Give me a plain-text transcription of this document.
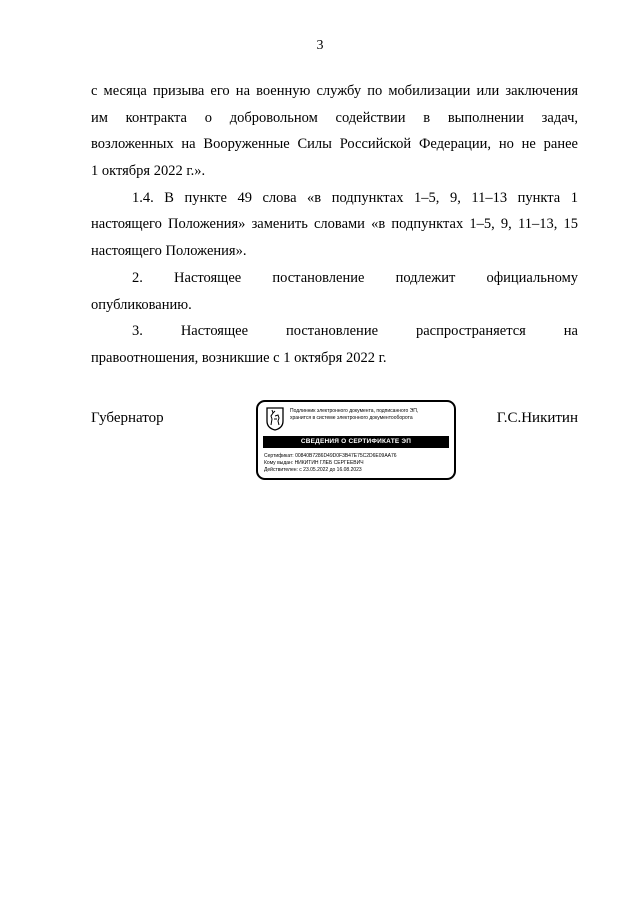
3
с месяца призыва его на военную службу по мобилизации или заключения
им контракта о добровольном содействии в выполнении задач,
возложенных на Вооруженные Силы Российской Федерации, но не ранее
1 октября 2022 г.».
1.4. В пункте 49 слова «в подпунктах 1–5, 9, 11–13 пункта 1
настоящего Положения» заменить словами «в подпунктах 1–5, 9, 11–13, 15
настоящего Положения».
2. Настоящее постановление подлежит официальному
опубликованию.
3. Настоящее постановление распространяется на
правоотношения, возникшие с 1 октября 2022 г.
Губернатор	Г.С.Никитин
Подлинник электронного документа, подписанного ЭП,
хранится в системе электронного документооборота
СВЕДЕНИЯ О СЕРТИФИКАТЕ ЭП
Сертификат: 00840B7286D49D0F3B47E75C2D6E09AA76
Кому выдан: НИКИТИН ГЛЕБ СЕРГЕЕВИЧ
Действителен: с 23.05.2022 до 16.08.2023
